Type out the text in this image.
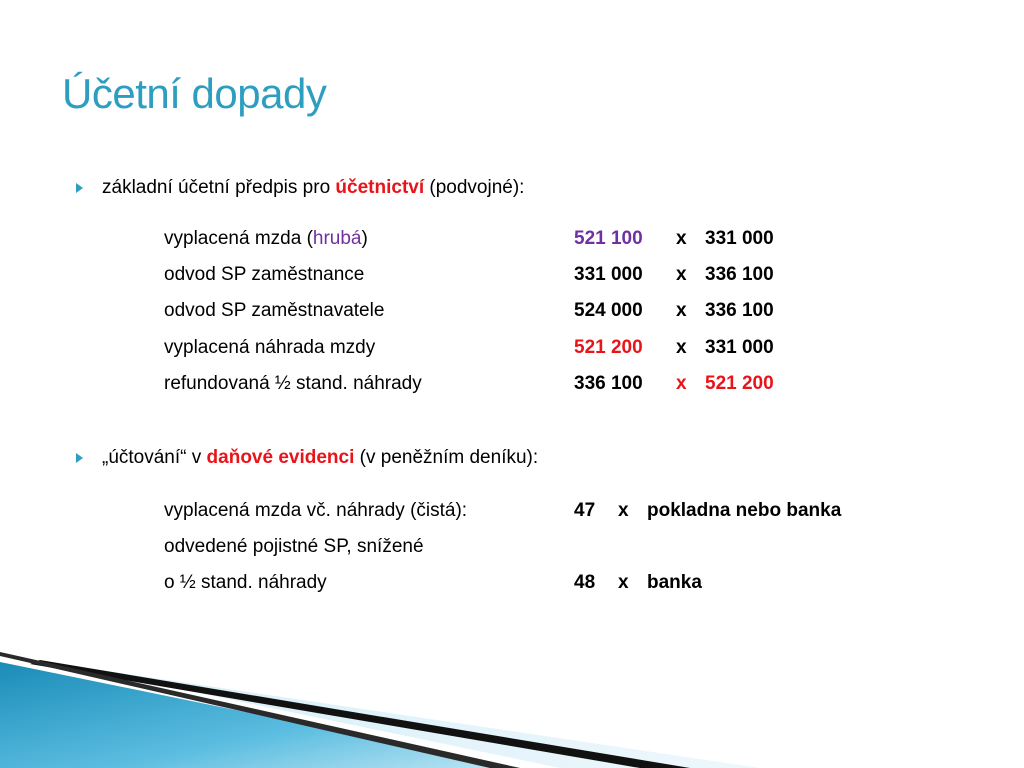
Účetní dopady
základní účetní předpis pro účetnictví (podvojné):
vyplacená mzda (hrubá)	521 100 x 331 000
odvod SP zaměstnance	331 000 x 336 100
odvod SP zaměstnavatele	524 000 x 336 100
vyplacená náhrada mzdy	521 200 x 331 000
refundovaná ½ stand. náhrady	336 100 x 521 200
„účtování“ v daňové evidenci (v peněžním deníku):
vyplacená mzda vč. náhrady (čistá):	47 x pokladna nebo banka
odvedené pojistné SP, snížené
o ½ stand. náhrady	48 x banka
